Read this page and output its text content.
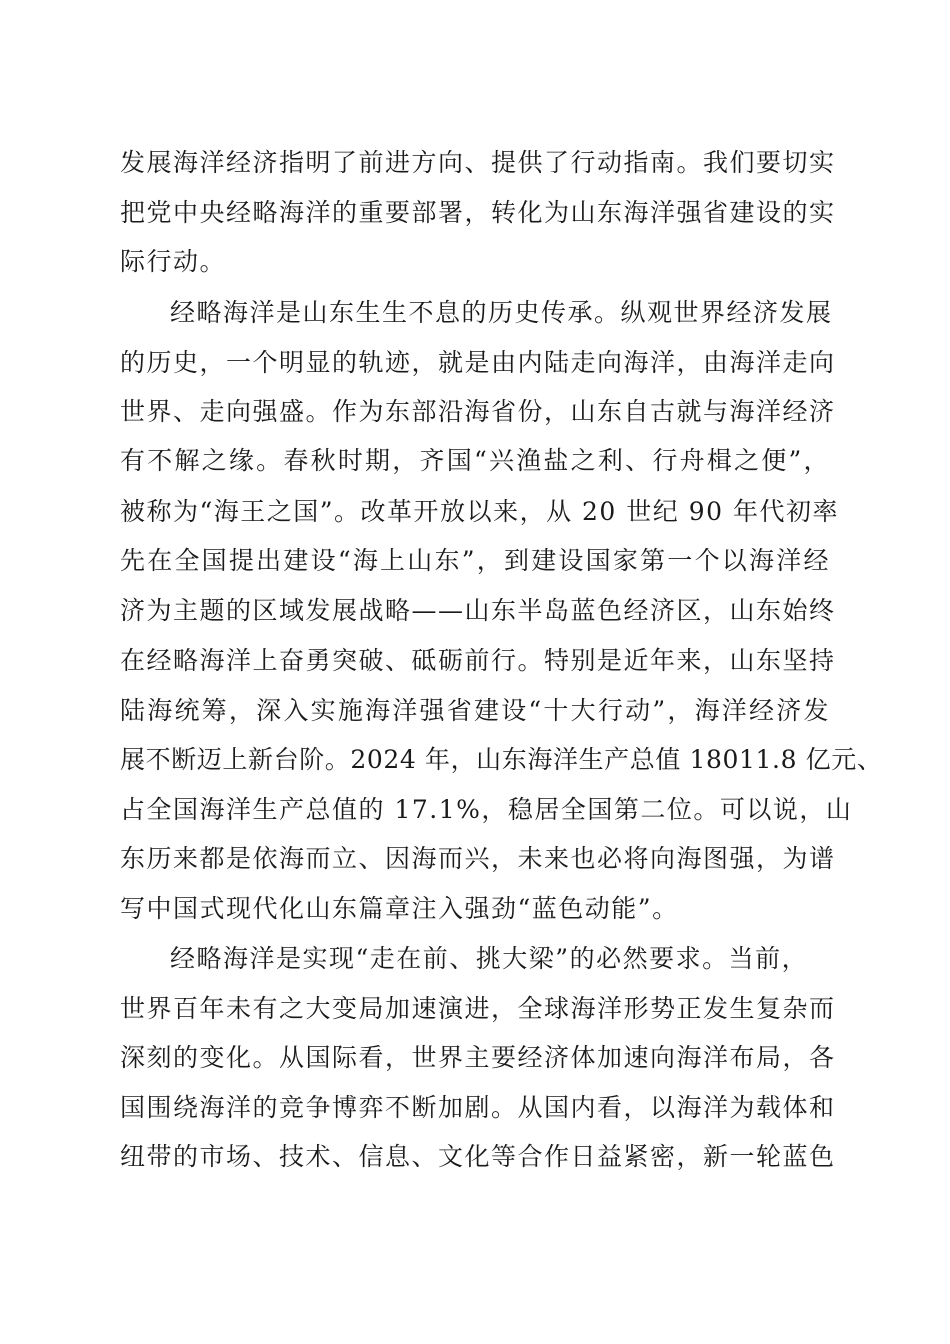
发展海洋经济指明了前进方向、提供了行动指南。我们要切实
把党中央经略海洋的重要部署，转化为山东海洋强省建设的实
际行动。
经略海洋是山东生生不息的历史传承。纵观世界经济发展
的历史，一个明显的轨迹，就是由内陆走向海洋，由海洋走向
世界、走向强盛。作为东部沿海省份，山东自古就与海洋经济
有不解之缘。春秋时期，齐国“兴渔盐之利、行舟楫之便”，
被称为“海王之国”。改革开放以来，从 20 世纪 90 年代初率
先在全国提出建设“海上山东”，到建设国家第一个以海洋经
济为主题的区域发展战略——山东半岛蓝色经济区，山东始终
在经略海洋上奋勇突破、砥砺前行。特别是近年来，山东坚持
陆海统筹，深入实施海洋强省建设“十大行动”，海洋经济发
展不断迈上新台阶。2024 年，山东海洋生产总值 18011.8 亿元、
占全国海洋生产总值的 17.1%，稳居全国第二位。可以说，山
东历来都是依海而立、因海而兴，未来也必将向海图强，为谱
写中国式现代化山东篇章注入强劲“蓝色动能”。
经略海洋是实现“走在前、挑大梁”的必然要求。当前，
世界百年未有之大变局加速演进，全球海洋形势正发生复杂而
深刻的变化。从国际看，世界主要经济体加速向海洋布局，各
国围绕海洋的竞争博弈不断加剧。从国内看，以海洋为载体和
纽带的市场、技术、信息、文化等合作日益紧密，新一轮蓝色
